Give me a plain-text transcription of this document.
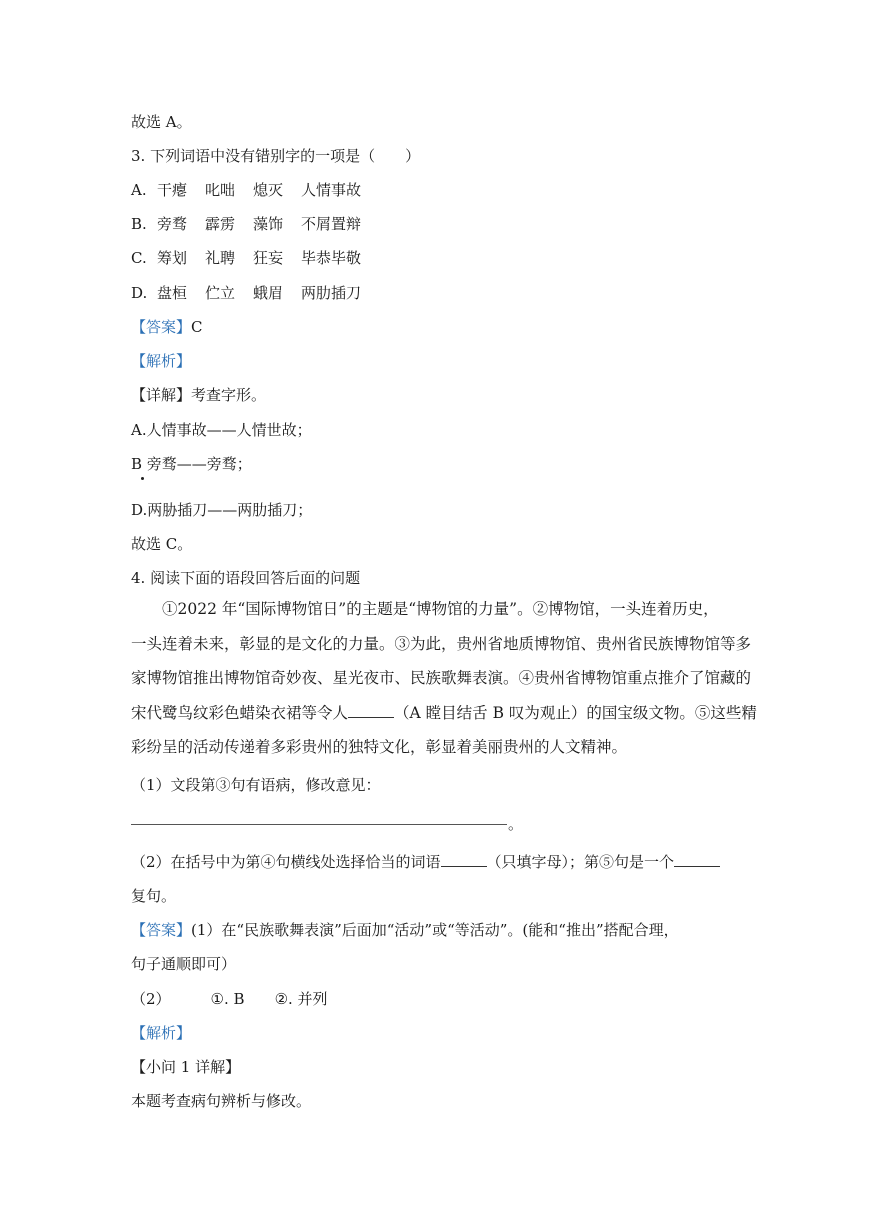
故选 A。
3. 下列词语中没有错别字的一项是（　　）
A. 干瘪 叱咄 熄灭 人情事故
B. 旁骛 霹雳 藻饰 不屑置辩
C. 筹划 礼聘 狂妄 毕恭毕敬
D. 盘桓 伫立 蛾眉 两肋插刀
【答案】C
【解析】
【详解】考查字形。
A.人情事故——人情世故；
B 旁骛——旁骛；
D.两胁插刀——两肋插刀；
故选 C。
4. 阅读下面的语段回答后面的问题
①2022 年“国际博物馆日”的主题是“博物馆的力量”。②博物馆，一头连着历史，
一头连着未来，彰显的是文化的力量。③为此，贵州省地质博物馆、贵州省民族博物馆等多
家博物馆推出博物馆奇妙夜、星光夜市、民族歌舞表演。④贵州省博物馆重点推介了馆藏的
宋代鹭鸟纹彩色蜡染衣裙等令人	（A 瞠目结舌 B 叹为观止）的国宝级文物。⑤这些精
彩纷呈的活动传递着多彩贵州的独特文化，彰显着美丽贵州的人文精神。
（1）文段第③句有语病，修改意见：
。
（2）在括号中为第④句横线处选择恰当的词语	（只填字母）；第⑤句是一个
复句。
【答案】(1）在“民族歌舞表演”后面加“活动”或“等活动”。(能和“推出”搭配合理，
句子通顺即可）
（2）	①. B ②. 并列
【解析】
【小问 1 详解】
本题考查病句辨析与修改。
